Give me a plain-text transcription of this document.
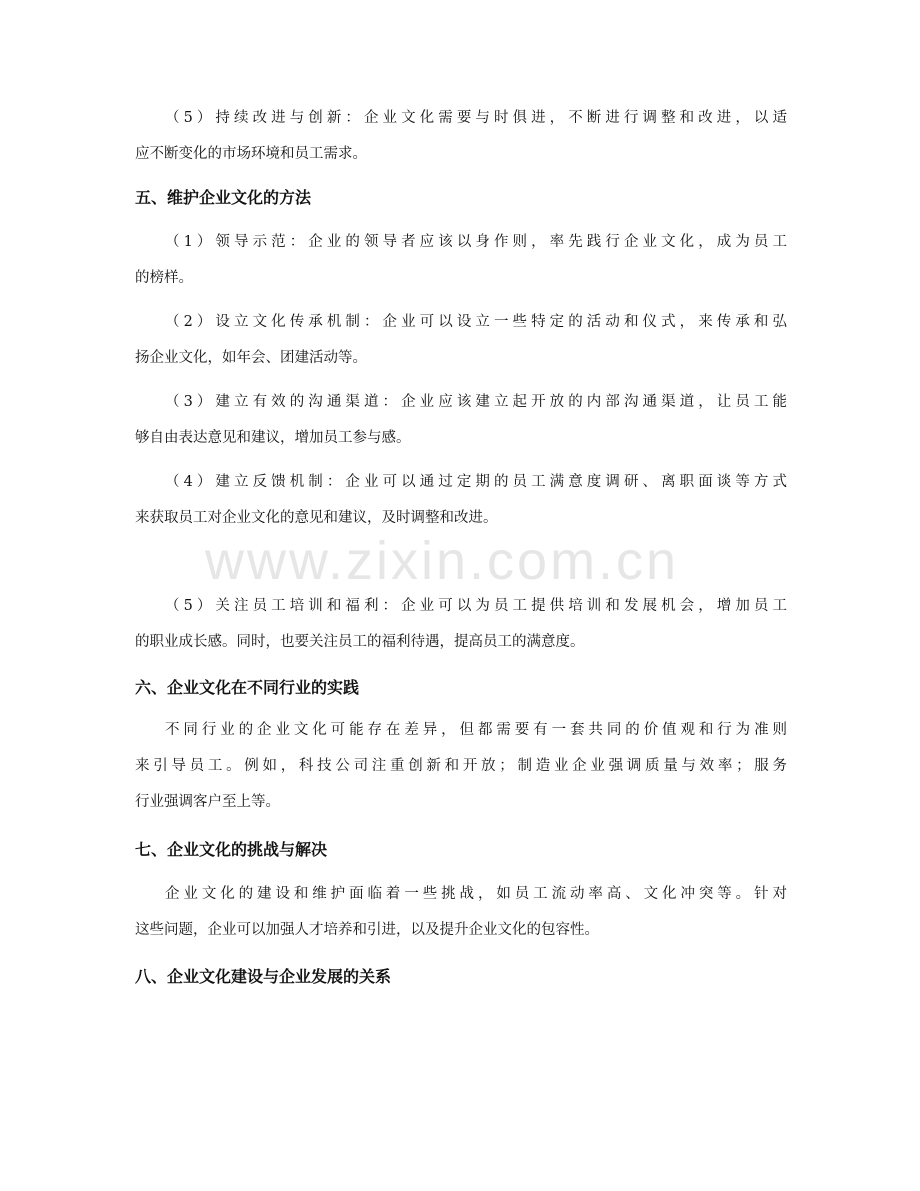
www.zixin.com.cn
（5）持续改进与创新：企业文化需要与时俱进，不断进行调整和改进，以适
应不断变化的市场环境和员工需求。
五、维护企业文化的方法
（1）领导示范：企业的领导者应该以身作则，率先践行企业文化，成为员工
的榜样。
（2）设立文化传承机制：企业可以设立一些特定的活动和仪式，来传承和弘
扬企业文化，如年会、团建活动等。
（3）建立有效的沟通渠道：企业应该建立起开放的内部沟通渠道，让员工能
够自由表达意见和建议，增加员工参与感。
（4）建立反馈机制：企业可以通过定期的员工满意度调研、离职面谈等方式
来获取员工对企业文化的意见和建议，及时调整和改进。
（5）关注员工培训和福利：企业可以为员工提供培训和发展机会，增加员工
的职业成长感。同时，也要关注员工的福利待遇，提高员工的满意度。
六、企业文化在不同行业的实践
不同行业的企业文化可能存在差异，但都需要有一套共同的价值观和行为准则
来引导员工。例如，科技公司注重创新和开放；制造业企业强调质量与效率；服务
行业强调客户至上等。
七、企业文化的挑战与解决
企业文化的建设和维护面临着一些挑战，如员工流动率高、文化冲突等。针对
这些问题，企业可以加强人才培养和引进，以及提升企业文化的包容性。
八、企业文化建设与企业发展的关系
